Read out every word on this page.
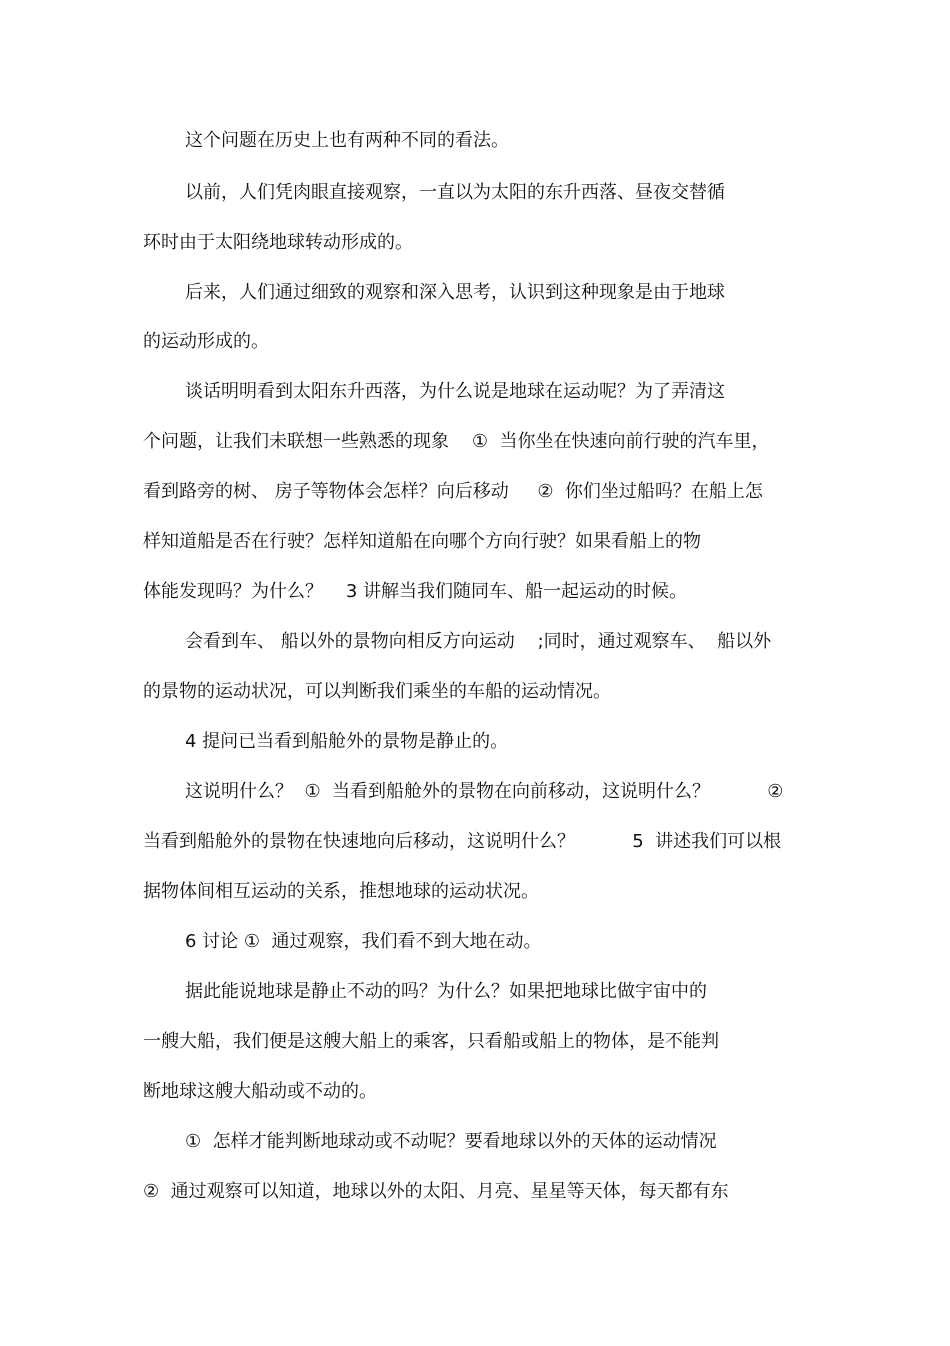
这个问题在历史上也有两种不同的看法。
以前，人们凭肉眼直接观察，一直以为太阳的东升西落、昼夜交替循
环时由于太阳绕地球转动形成的。
后来，人们通过细致的观察和深入思考，认识到这种现象是由于地球
的运动形成的。
谈话明明看到太阳东升西落，为什么说是地球在运动呢？为了弄清这
个问题，让我们未联想一些熟悉的现象    ①  当你坐在快速向前行驶的汽车里，
看到路旁的树、 房子等物体会怎样？向后移动     ②  你们坐过船吗？在船上怎
样知道船是否在行驶？怎样知道船在向哪个方向行驶？如果看船上的物
体能发现吗？为什么？    3 讲解当我们随同车、船一起运动的时候。
会看到车、 船以外的景物向相反方向运动    ;同时，通过观察车、  船以外
的景物的运动状况，可以判断我们乘坐的车船的运动情况。
4 提问已当看到船舱外的景物是静止的。
这说明什么？  ①  当看到船舱外的景物在向前移动，这说明什么？          ②
当看到船舱外的景物在快速地向后移动，这说明什么？          5  讲述我们可以根
据物体间相互运动的关系，推想地球的运动状况。
6 讨论 ①  通过观察，我们看不到大地在动。
据此能说地球是静止不动的吗？为什么？如果把地球比做宇宙中的
一艘大船，我们便是这艘大船上的乘客，只看船或船上的物体，是不能判
断地球这艘大船动或不动的。
①  怎样才能判断地球动或不动呢？要看地球以外的天体的运动情况
②  通过观察可以知道，地球以外的太阳、月亮、星星等天体，每天都有东
